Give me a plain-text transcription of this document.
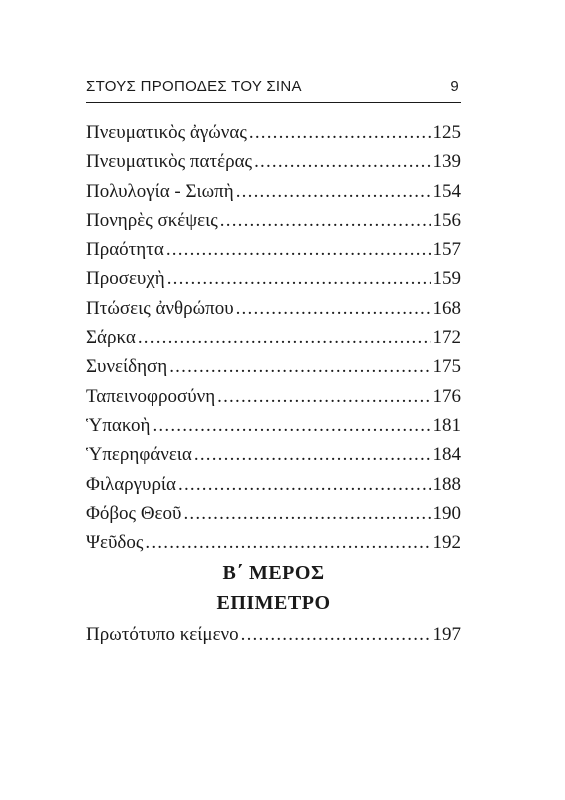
ΣΤΟΥΣ ΠΡΟΠΟΔΕΣ ΤΟΥ ΣΙΝΑ	9
Πνευματικὸς ἀγώνας .....	125
Πνευματικὸς πατέρας .....	139
Πολυλογία - Σιωπὴ .....	154
Πονηρὲς σκέψεις .....	156
Πραότητα .....	157
Προσευχὴ .....	159
Πτώσεις ἀνθρώπου .....	168
Σάρκα .....	172
Συνείδηση .....	175
Ταπεινοφροσύνη .....	176
Ὑπακοὴ .....	181
Ὑπερηφάνεια .....	184
Φιλαργυρία .....	188
Φόβος Θεοῦ .....	190
Ψεῦδος .....	192
Β΄ ΜΕΡΟΣ
ΕΠΙΜΕΤΡΟ
Πρωτότυπο κείμενο .....	197
